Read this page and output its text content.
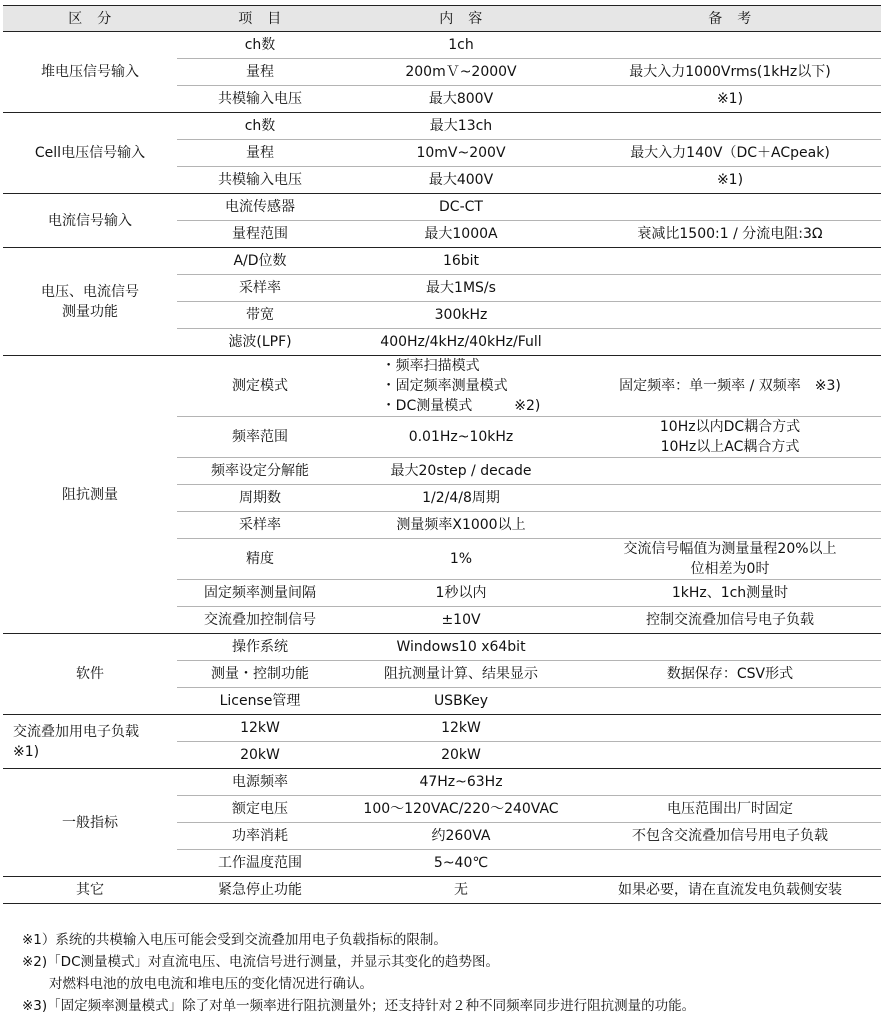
区　分	项　目	内　容	备　考
堆电压信号输入	ch数	1ch	
	量程	200mＶ~2000V	最大入力1000Vrms(1kHz以下)
	共模输入电压	最大800V	※1)
Cell电压信号输入	ch数	最大13ch	
	量程	10mV~200V	最大入力140V（DC＋ACpeak)
	共模输入电压	最大400V	※1)
电流信号输入	电流传感器	DC-CT	
	量程范围	最大1000A	衰减比1500:1 / 分流电阻:3Ω

电压、电流信号
测量功能	A/D位数	16bit	
	采样率	最大1MS/s	
	带宽	300kHz	
	滤波(LPF)	400Hz/4kHz/40kHz/Full	
阻抗测量	测定模式	・频率扫描模式
・固定频率测量模式
・DC测量模式　　　※2)	固定频率：单一频率 / 双频率　※3)
	频率范围	0.01Hz~10kHz	10Hz以内DC耦合方式
10Hz以上AC耦合方式

	频率设定分解能	最大20step / decade	
	周期数	1/2/4/8周期	
	采样率	测量频率X1000以上	
	精度	1%	交流信号幅值为测量量程20%以上
位相差为0时

	固定频率测量间隔	1秒以内	1kHz、1ch测量时
	交流叠加控制信号	±10V	控制交流叠加信号电子负载
软件	操作系统	Windows10 x64bit	
	测量・控制功能	阻抗测量计算、结果显示	数据保存：CSV形式
	License管理	USBKey	

交流叠加用电子负载
※1)	12kW	12kW	
	20kW	20kW	
一般指标	电源频率	47Hz~63Hz	
	额定电压	100～120VAC/220～240VAC	电压范围出厂时固定
	功率消耗	约260VA	不包含交流叠加信号用电子负载
	工作温度范围	5~40℃	
其它	紧急停止功能	无	如果必要，请在直流发电负载侧安装
※1）系统的共模输入电压可能会受到交流叠加用电子负载指标的限制。
※2)「DC测量模式」对直流电压、电流信号进行测量，并显示其变化的趋势图。
对燃料电池的放电电流和堆电压的变化情况进行确认。
※3)「固定频率测量模式」除了对单一频率进行阻抗测量外；还支持针对２种不同频率同步进行阻抗测量的功能。
